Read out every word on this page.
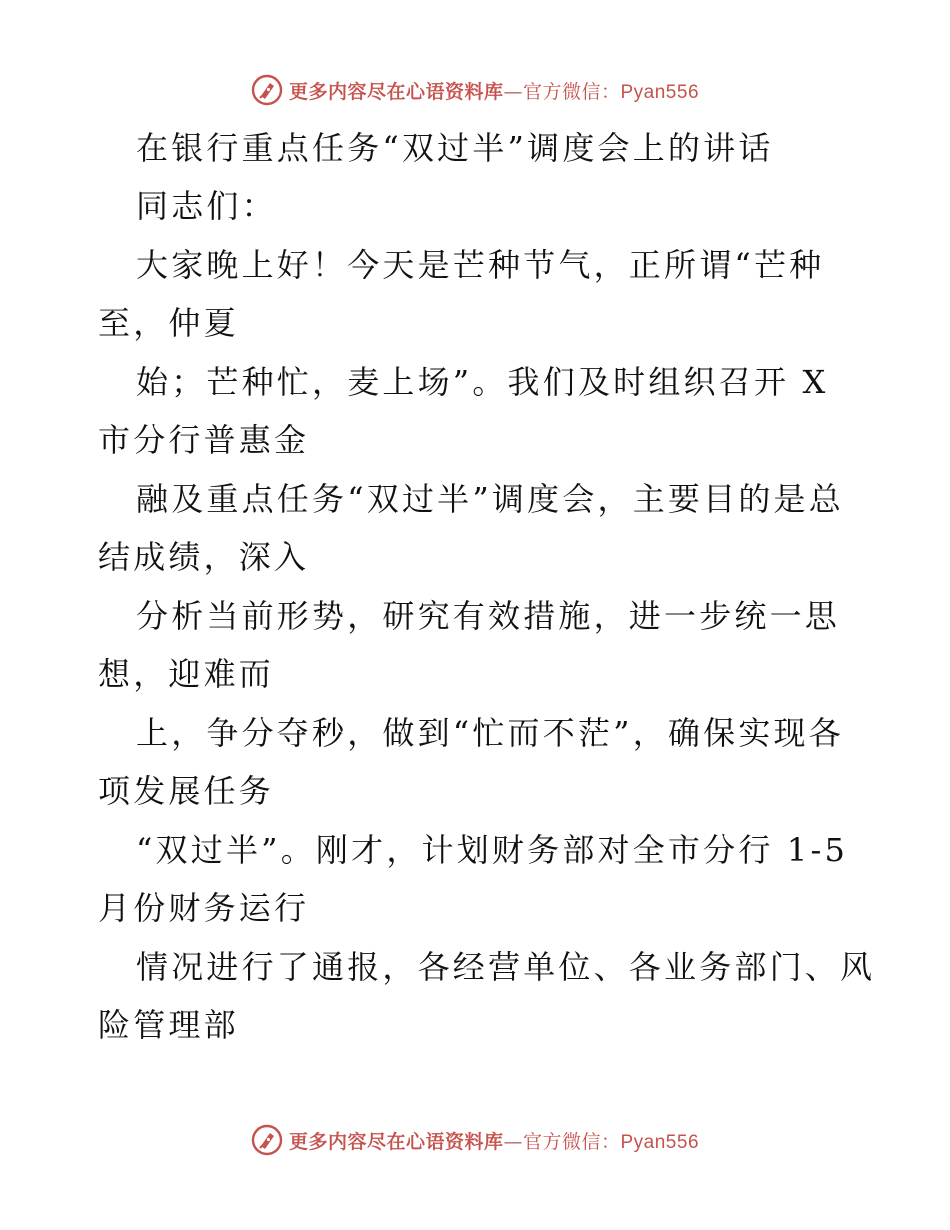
更多内容尽在心语资料库—官方微信：Pyan556
在银行重点任务“双过半”调度会上的讲话
同志们：
大家晚上好！今天是芒种节气，正所谓“芒种
至，仲夏
始；芒种忙，麦上场”。我们及时组织召开 X
市分行普惠金
融及重点任务“双过半”调度会，主要目的是总
结成绩，深入
分析当前形势，研究有效措施，进一步统一思
想，迎难而
上，争分夺秒，做到“忙而不茫”，确保实现各
项发展任务
“双过半”。刚才，计划财务部对全市分行 1-5
月份财务运行
情况进行了通报，各经营单位、各业务部门、风
险管理部
更多内容尽在心语资料库—官方微信：Pyan556
